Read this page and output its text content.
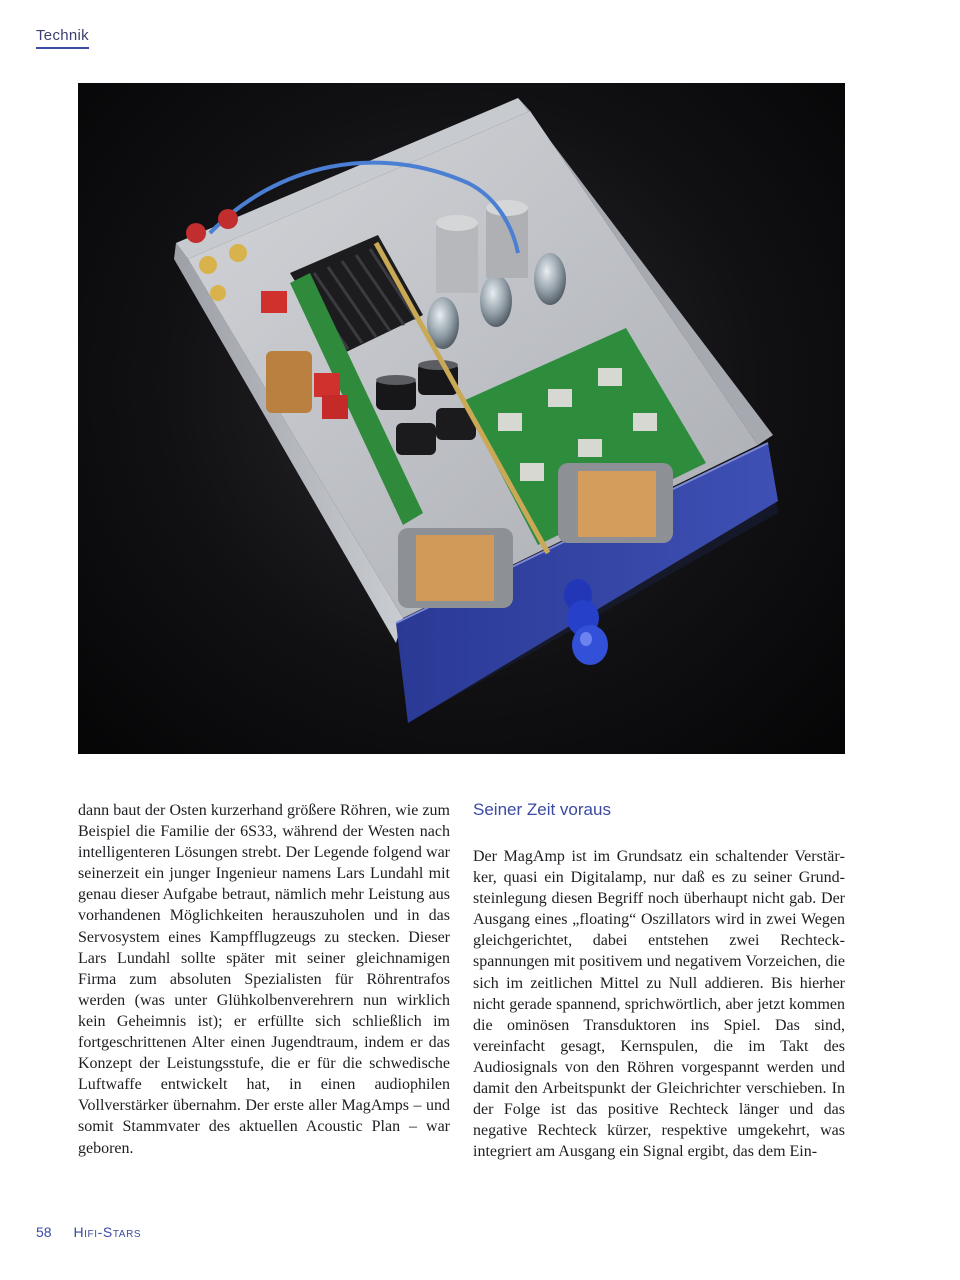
Technik

dann baut der Osten kurzerhand größere Röhren, wie zum Beispiel die Familie der 6S33, während der Westen nach intelligenteren Lösungen strebt. Der Legende folgend war seinerzeit ein junger Ingenieur namens Lars Lundahl mit genau dieser Aufgabe betraut, nämlich mehr Leistung aus vorhandenen Möglichkeiten herauszuholen und in das Servosystem eines Kampfflugzeugs zu stecken. Dieser Lars Lundahl sollte später mit seiner gleichnamigen Firma zum absoluten Spezialisten für Röhrentrafos werden (was unter Glühkolbenverehrern nun wirklich kein Geheimnis ist); er erfüllte sich schließlich im fortgeschrittenen Alter einen Jugendtraum, indem er das Konzept der Leistungsstufe, die er für die schwedische Luftwaffe entwickelt hat, in einen audiophilen Vollverstärker übernahm. Der erste aller MagAmps – und somit Stammvater des aktuellen Acoustic Plan – war geboren.

Seiner Zeit voraus

Der MagAmp ist im Grundsatz ein schaltender Verstärker, quasi ein Digitalamp, nur daß es zu seiner Grundsteinlegung diesen Begriff noch überhaupt nicht gab. Der Ausgang eines „floating“ Oszillators wird in zwei Wegen gleichgerichtet, dabei entstehen zwei Rechteckspannungen mit positivem und negativem Vorzeichen, die sich im zeitlichen Mittel zu Null addieren. Bis hierher nicht gerade spannend, sprichwörtlich, aber jetzt kommen die ominösen Transduktoren ins Spiel. Das sind, vereinfacht gesagt, Kernspulen, die im Takt des Audiosignals von den Röhren vorgespannt werden und damit den Arbeitspunkt der Gleichrichter verschieben. In der Folge ist das positive Rechteck länger und das negative Rechteck kürzer, respektive umgekehrt, was integriert am Ausgang ein Signal ergibt, das dem Ein-

58 Hifi-Stars
